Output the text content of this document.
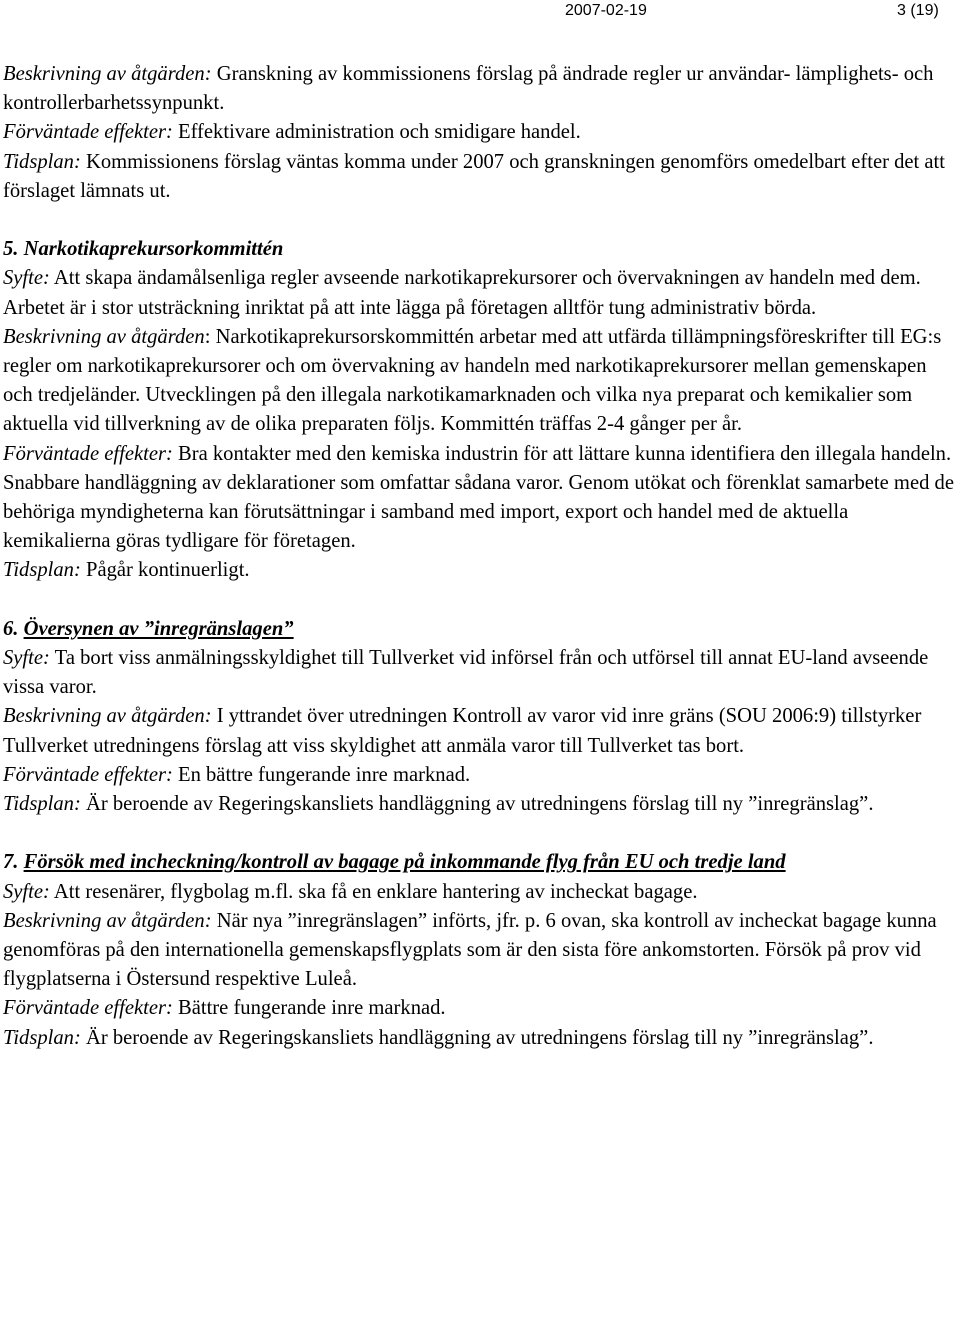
2007-02-19	3 (19)

Beskrivning av åtgärden: Granskning av kommissionens förslag på ändrade regler ur användar- lämplighets- och kontrollerbarhetssynpunkt.

Förväntade effekter: Effektivare administration och smidigare handel.

Tidsplan: Kommissionens förslag väntas komma under 2007 och granskningen genomförs omedelbart efter det att förslaget lämnats ut.

5. Narkotikaprekursorkommittén

Syfte: Att skapa ändamålsenliga regler avseende narkotikaprekursorer och övervakningen av handeln med dem. Arbetet är i stor utsträckning inriktat på att inte lägga på företagen alltför tung administrativ börda.

Beskrivning av åtgärden: Narkotikaprekursorskommittén arbetar med att utfärda tillämpningsföreskrifter till EG:s regler om narkotikaprekursorer och om övervakning av handeln med narkotikaprekursorer mellan gemenskapen och tredjeländer. Utvecklingen på den illegala narkotikamarknaden och vilka nya preparat och kemikalier som aktuella vid tillverkning av de olika preparaten följs. Kommittén träffas 2-4 gånger per år.

Förväntade effekter: Bra kontakter med den kemiska industrin för att lättare kunna identifiera den illegala handeln. Snabbare handläggning av deklarationer som omfattar sådana varor. Genom utökat och förenklat samarbete med de behöriga myndigheterna kan förutsättningar i samband med import, export och handel med de aktuella kemikalierna göras tydligare för företagen.

Tidsplan: Pågår kontinuerligt.

6. Översynen av ”inregränslagen”

Syfte: Ta bort viss anmälningsskyldighet till Tullverket vid införsel från och utförsel till annat EU-land avseende vissa varor.

Beskrivning av åtgärden: I yttrandet över utredningen Kontroll av varor vid inre gräns (SOU 2006:9) tillstyrker Tullverket utredningens förslag att viss skyldighet att anmäla varor till Tullverket tas bort.

Förväntade effekter: En bättre fungerande inre marknad.

Tidsplan: Är beroende av Regeringskansliets handläggning av utredningens förslag till ny ”inregränslag”.

7. Försök med incheckning/kontroll av bagage på inkommande flyg från EU och tredje land

Syfte: Att resenärer, flygbolag m.fl. ska få en enklare hantering av incheckat bagage.

Beskrivning av åtgärden: När nya ”inregränslagen” införts, jfr. p. 6 ovan, ska kontroll av incheckat bagage kunna genomföras på den internationella gemenskapsflygplats som är den sista före ankomstorten. Försök på prov vid flygplatserna i Östersund respektive Luleå.

Förväntade effekter: Bättre fungerande inre marknad.

Tidsplan: Är beroende av Regeringskansliets handläggning av utredningens förslag till ny ”inregränslag”.
